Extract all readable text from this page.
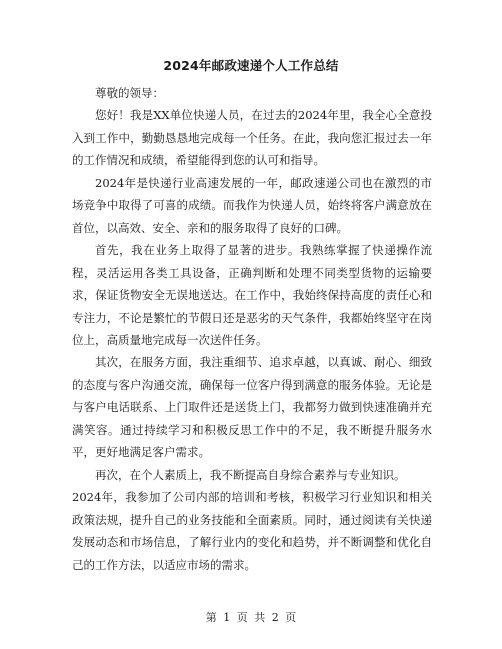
2024年邮政速递个人工作总结

尊敬的领导：

您好！我是XX单位快递人员，在过去的2024年里，我全心全意投入到工作中，勤勤恳恳地完成每一个任务。在此，我向您汇报过去一年的工作情况和成绩，希望能得到您的认可和指导。

2024年是快递行业高速发展的一年，邮政速递公司也在激烈的市场竞争中取得了可喜的成绩。而我作为快递人员，始终将客户满意放在首位，以高效、安全、亲和的服务取得了良好的口碑。

首先，我在业务上取得了显著的进步。我熟练掌握了快递操作流程，灵活运用各类工具设备，正确判断和处理不同类型货物的运输要求，保证货物安全无误地送达。在工作中，我始终保持高度的责任心和专注力，不论是繁忙的节假日还是恶劣的天气条件，我都始终坚守在岗位上，高质量地完成每一次送件任务。

其次，在服务方面，我注重细节、追求卓越，以真诚、耐心、细致的态度与客户沟通交流，确保每一位客户得到满意的服务体验。无论是与客户电话联系、上门取件还是送货上门，我都努力做到快速准确并充满笑容。通过持续学习和积极反思工作中的不足，我不断提升服务水平，更好地满足客户需求。

再次，在个人素质上，我不断提高自身综合素养与专业知识。

2024年，我参加了公司内部的培训和考核，积极学习行业知识和相关政策法规，提升自己的业务技能和全面素质。同时，通过阅读有关快递发展动态和市场信息，了解行业内的变化和趋势，并不断调整和优化自己的工作方法，以适应市场的需求。

第 1 页 共 2 页
